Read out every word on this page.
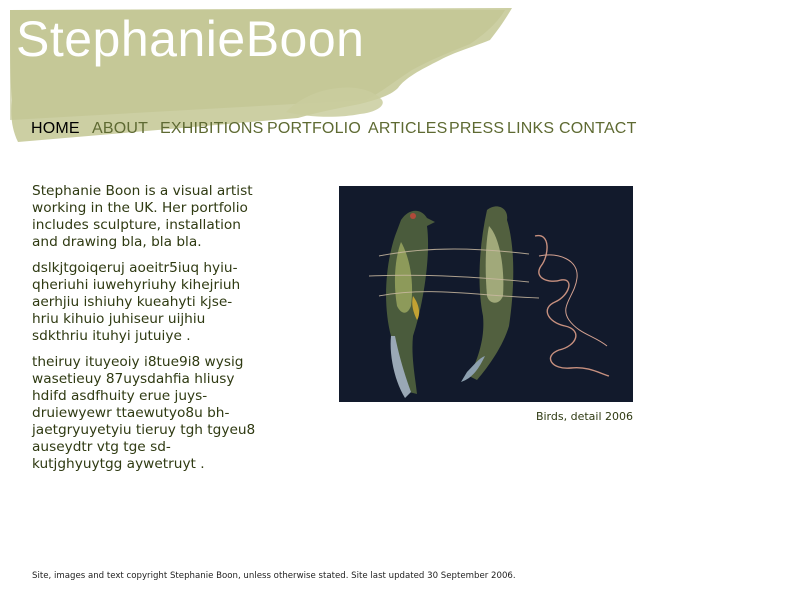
StephanieBoon
HOME ABOUT EXHIBITIONS PORTFOLIO ARTICLES PRESS LINKS CONTACT

Stephanie Boon is a visual artist working in the UK. Her portfolio includes sculpture, installation and drawing bla, bla bla.

dslkjtgoiqeruj aoeitr5iuq hyiu-qheriuhi iuwehyriuhy kihejriuh aerhjiu ishiuhy kueahyti kjse-hriu kihuio juhiseur uijhiu sdkthriu ituhyi jutuiye .

theiruy ituyeoiy i8tue9i8 wysig wasetieuy 87uysdahfia hliusy hdifd asdfhuity erue juys-druiewyewr ttaewutyo8u bh-jaetgryuyetyiu tieruy tgh tgyeu8 auseydtr vtg tge sd-kutjghyuytgg aywetruyt .

Birds, detail 2006
Site, images and text copyright Stephanie Boon, unless otherwise stated. Site last updated 30 September 2006.
